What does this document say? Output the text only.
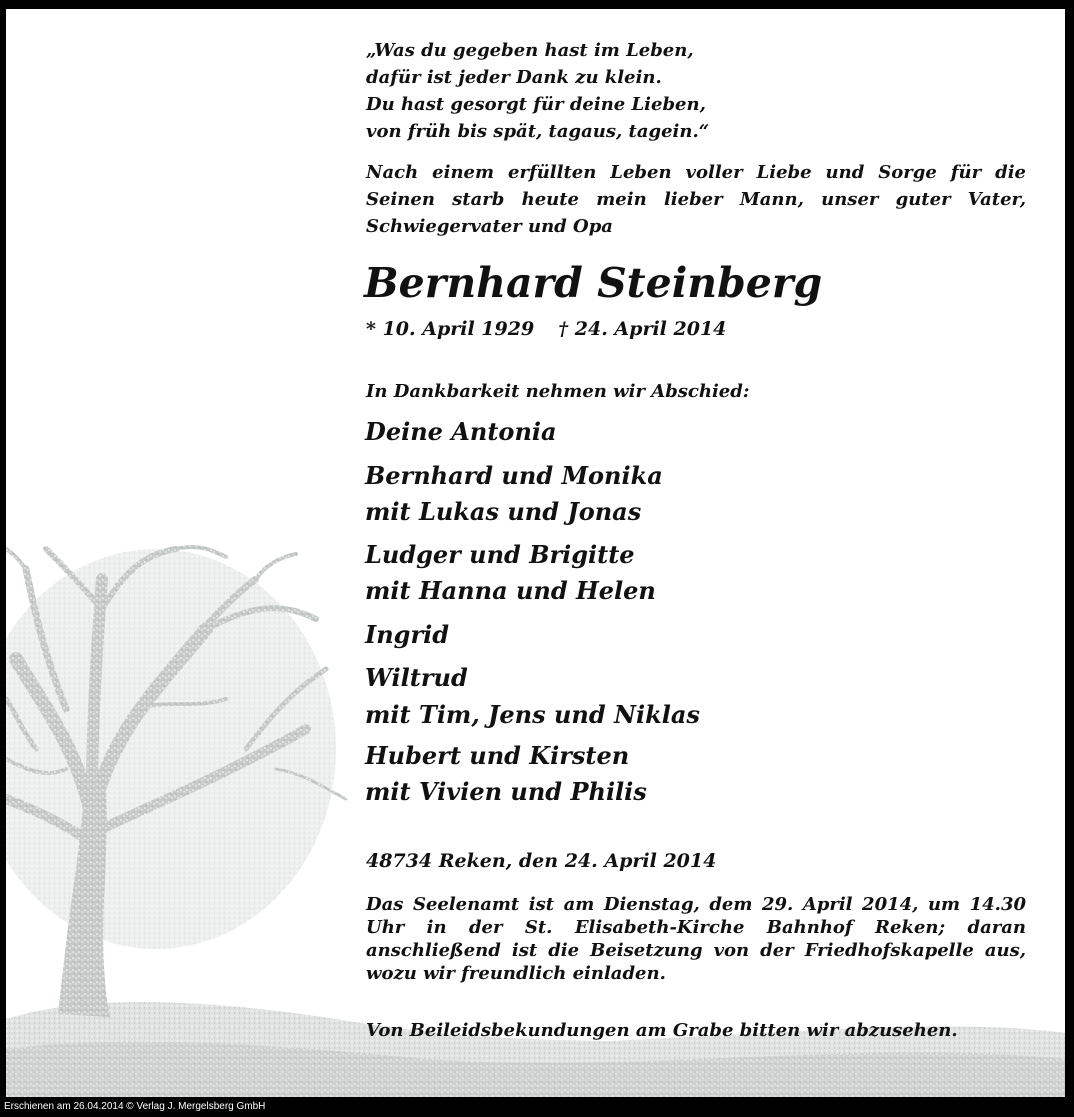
„Was du gegeben hast im Leben,
dafür ist jeder Dank zu klein.
Du hast gesorgt für deine Lieben,
von früh bis spät, tagaus, tagein.“

Nach einem erfüllten Leben voller Liebe und Sorge für die Seinen starb heute mein lieber Mann, unser guter Vater, Schwiegervater und Opa

Bernhard Steinberg
* 10. April 1929 † 24. April 2014
In Dankbarkeit nehmen wir Abschied:
Deine Antonia
Bernhard und Monika
mit Lukas und Jonas
Ludger und Brigitte
mit Hanna und Helen
Ingrid
Wiltrud
mit Tim, Jens und Niklas
Hubert und Kirsten
mit Vivien und Philis
48734 Reken, den 24. April 2014

Das Seelenamt ist am Dienstag, dem 29. April 2014, um 14.30 Uhr in der St. Elisabeth-Kirche Bahnhof Reken; daran anschließend ist die Beisetzung von der Friedhofskapelle aus, wozu wir freundlich einladen.

Von Beileidsbekundungen am Grabe bitten wir abzusehen.
Erschienen am 26.04.2014 © Verlag J. Mergelsberg GmbH
